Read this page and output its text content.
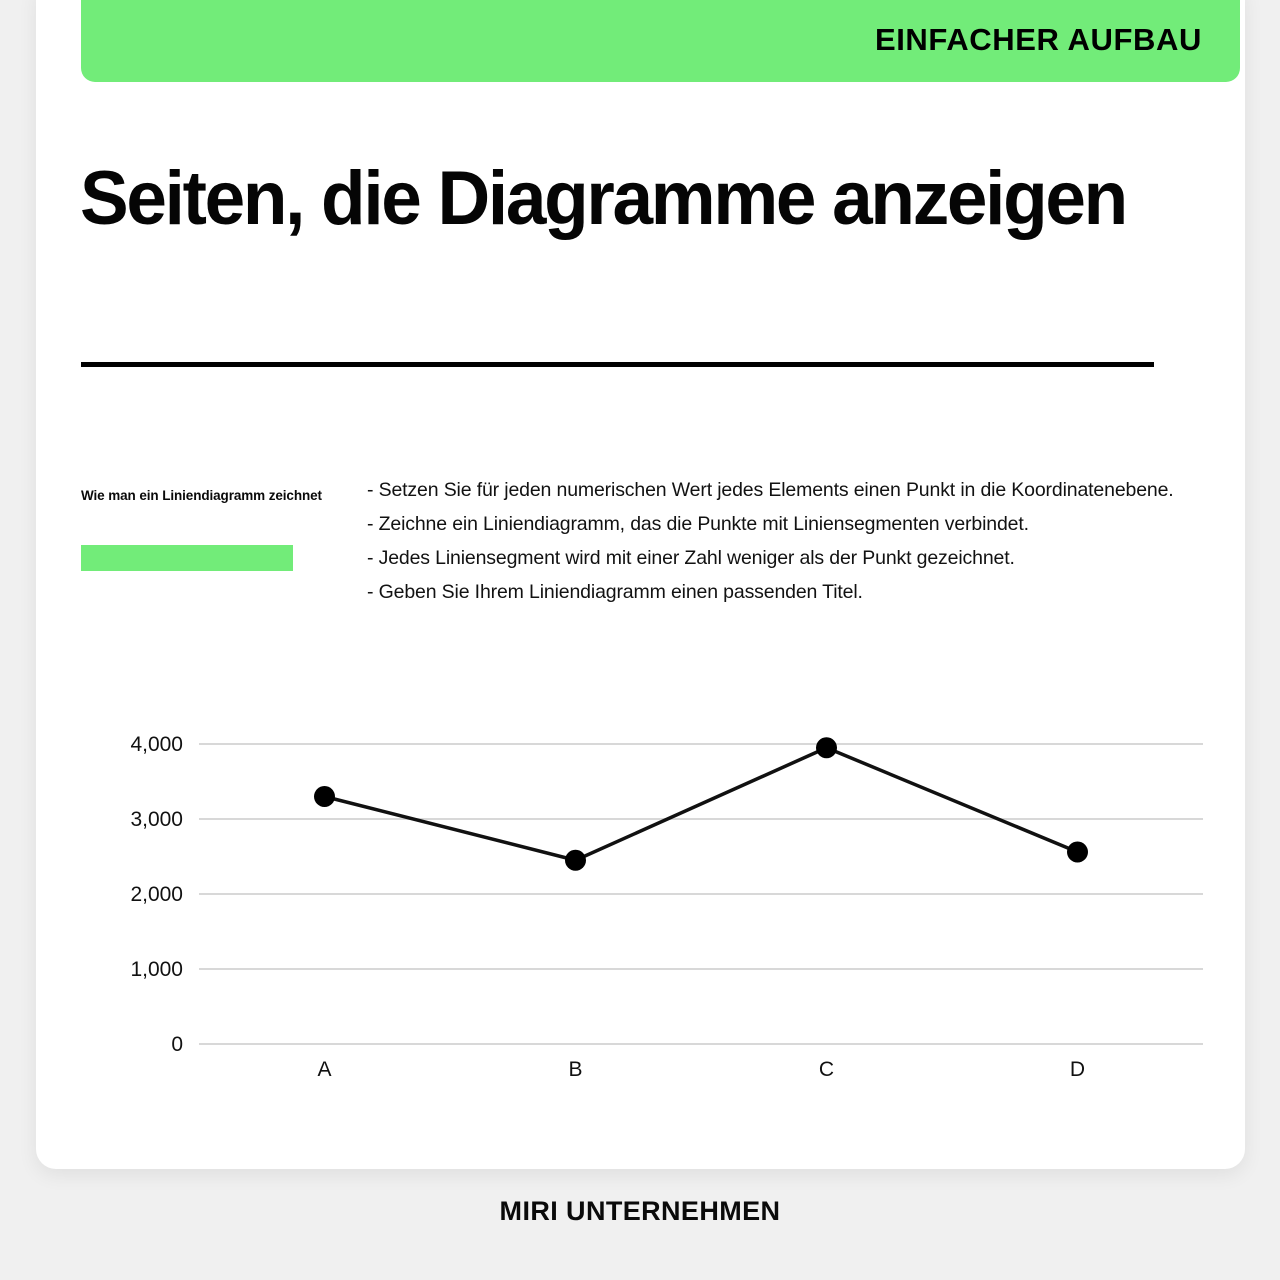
EINFACHER AUFBAU
Seiten, die Diagramme anzeigen
Wie man ein Liniendiagramm zeichnet	- Setzen Sie für jeden numerischen Wert jedes Elements einen Punkt in die Koordinatenebene.
- Zeichne ein Liniendiagramm, das die Punkte mit Liniensegmenten verbindet.
- Jedes Liniensegment wird mit einer Zahl weniger als der Punkt gezeichnet.
- Geben Sie Ihrem Liniendiagramm einen passenden Titel.
4,000
3,000
2,000
1,000
0
A	B	C	D
MIRI UNTERNEHMEN
